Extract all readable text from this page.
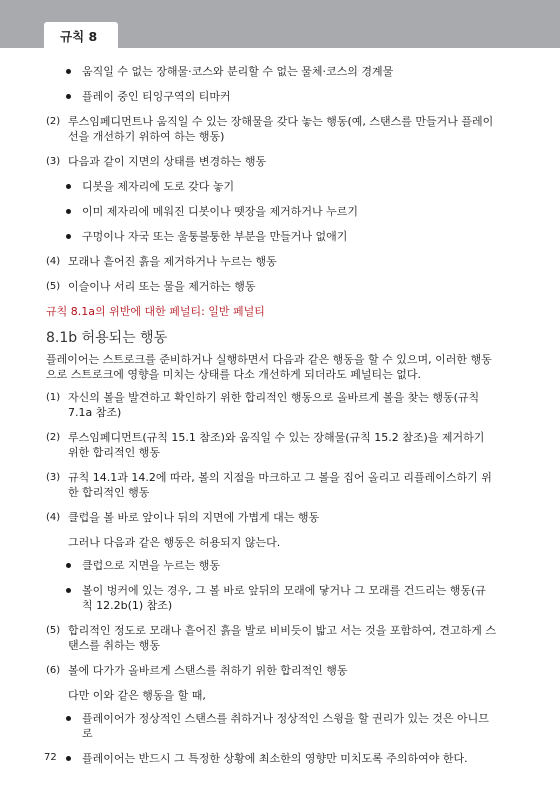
규칙 8
움직일 수 없는 장해물·코스와 분리할 수 없는 물체·코스의 경계물
플레이 중인 티잉구역의 티마커
(2) 루스임페디먼트나 움직일 수 있는 장해물을 갖다 놓는 행동(예, 스탠스를 만들거나 플레이 선을 개선하기 위하여 하는 행동)
(3) 다음과 같이 지면의 상태를 변경하는 행동
디봇을 제자리에 도로 갖다 놓기
이미 제자리에 메워진 디봇이나 뗏장을 제거하거나 누르기
구멍이나 자국 또는 울퉁불퉁한 부분을 만들거나 없애기
(4) 모래나 흩어진 흙을 제거하거나 누르는 행동
(5) 이슬이나 서리 또는 물을 제거하는 행동
규칙 8.1a의 위반에 대한 페널티: 일반 페널티
8.1b 허용되는 행동
플레이어는 스트로크를 준비하거나 실행하면서 다음과 같은 행동을 할 수 있으며, 이러한 행동으로 스트로크에 영향을 미치는 상태를 다소 개선하게 되더라도 페널티는 없다.
(1) 자신의 볼을 발견하고 확인하기 위한 합리적인 행동으로 올바르게 볼을 찾는 행동(규칙 7.1a 참조)
(2) 루스임페디먼트(규칙 15.1 참조)와 움직일 수 있는 장해물(규칙 15.2 참조)을 제거하기 위한 합리적인 행동
(3) 규칙 14.1과 14.2에 따라, 볼의 지점을 마크하고 그 볼을 집어 올리고 리플레이스하기 위한 합리적인 행동
(4) 클럽을 볼 바로 앞이나 뒤의 지면에 가볍게 대는 행동
그러나 다음과 같은 행동은 허용되지 않는다.
클럽으로 지면을 누르는 행동
볼이 벙커에 있는 경우, 그 볼 바로 앞뒤의 모래에 닿거나 그 모래를 건드리는 행동(규칙 12.2b(1) 참조)
(5) 합리적인 정도로 모래나 흩어진 흙을 발로 비비듯이 밟고 서는 것을 포함하여, 견고하게 스탠스를 취하는 행동
(6) 볼에 다가가 올바르게 스탠스를 취하기 위한 합리적인 행동
다만 이와 같은 행동을 할 때,
플레이어가 정상적인 스탠스를 취하거나 정상적인 스윙을 할 권리가 있는 것은 아니므로
플레이어는 반드시 그 특정한 상황에 최소한의 영향만 미치도록 주의하여야 한다.
72
